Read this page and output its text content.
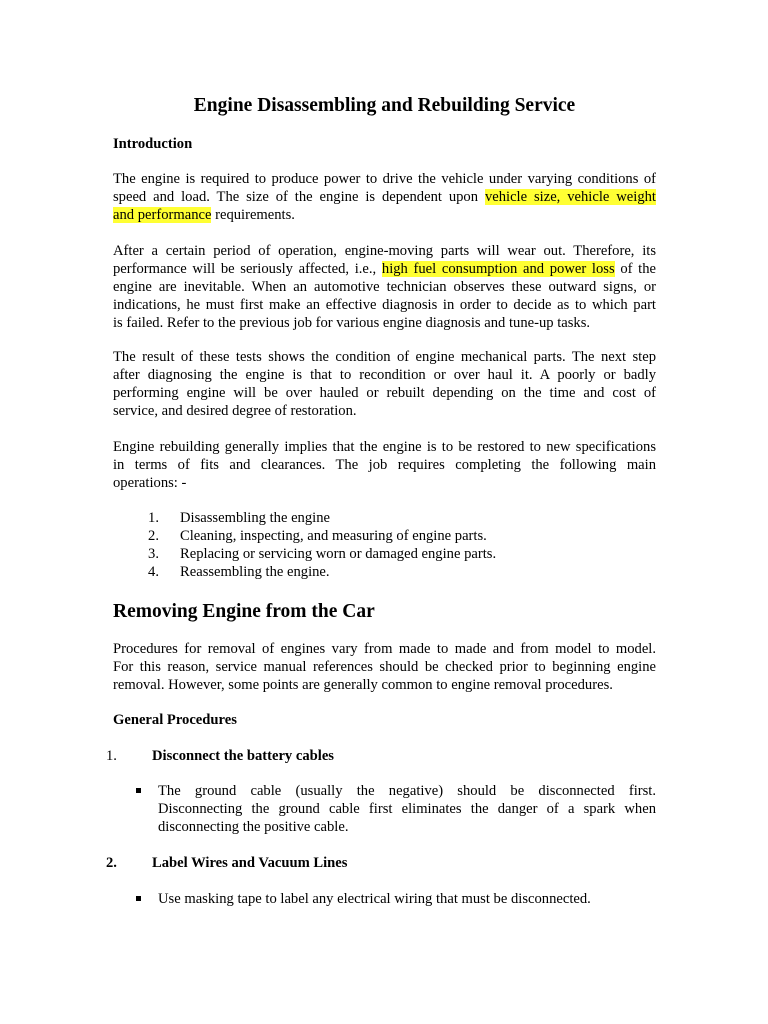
Engine Disassembling and Rebuilding Service
Introduction
The engine is required to produce power to drive the vehicle under varying conditions of
speed and load. The size of the engine is dependent upon vehicle size, vehicle weight
and performance requirements.
After a certain period of operation, engine-moving parts will wear out. Therefore, its
performance will be seriously affected, i.e., high fuel consumption and power loss of the
engine are inevitable. When an automotive technician observes these outward signs, or
indications, he must first make an effective diagnosis in order to decide as to which part
is failed. Refer to the previous job for various engine diagnosis and tune-up tasks.
The result of these tests shows the condition of engine mechanical parts. The next step
after diagnosing the engine is that to recondition or over haul it. A poorly or badly
performing engine will be over hauled or rebuilt depending on the time and cost of
service, and desired degree of restoration.
Engine rebuilding generally implies that the engine is to be restored to new specifications
in terms of fits and clearances. The job requires completing the following main
operations: -
1. Disassembling the engine
2. Cleaning, inspecting, and measuring of engine parts.
3. Replacing or servicing worn or damaged engine parts.
4. Reassembling the engine.
Removing Engine from the Car
Procedures for removal of engines vary from made to made and from model to model.
For this reason, service manual references should be checked prior to beginning engine
removal. However, some points are generally common to engine removal procedures.
General Procedures
1. Disconnect the battery cables
The ground cable (usually the negative) should be disconnected first.
Disconnecting the ground cable first eliminates the danger of a spark when
disconnecting the positive cable.
2. Label Wires and Vacuum Lines
Use masking tape to label any electrical wiring that must be disconnected.
